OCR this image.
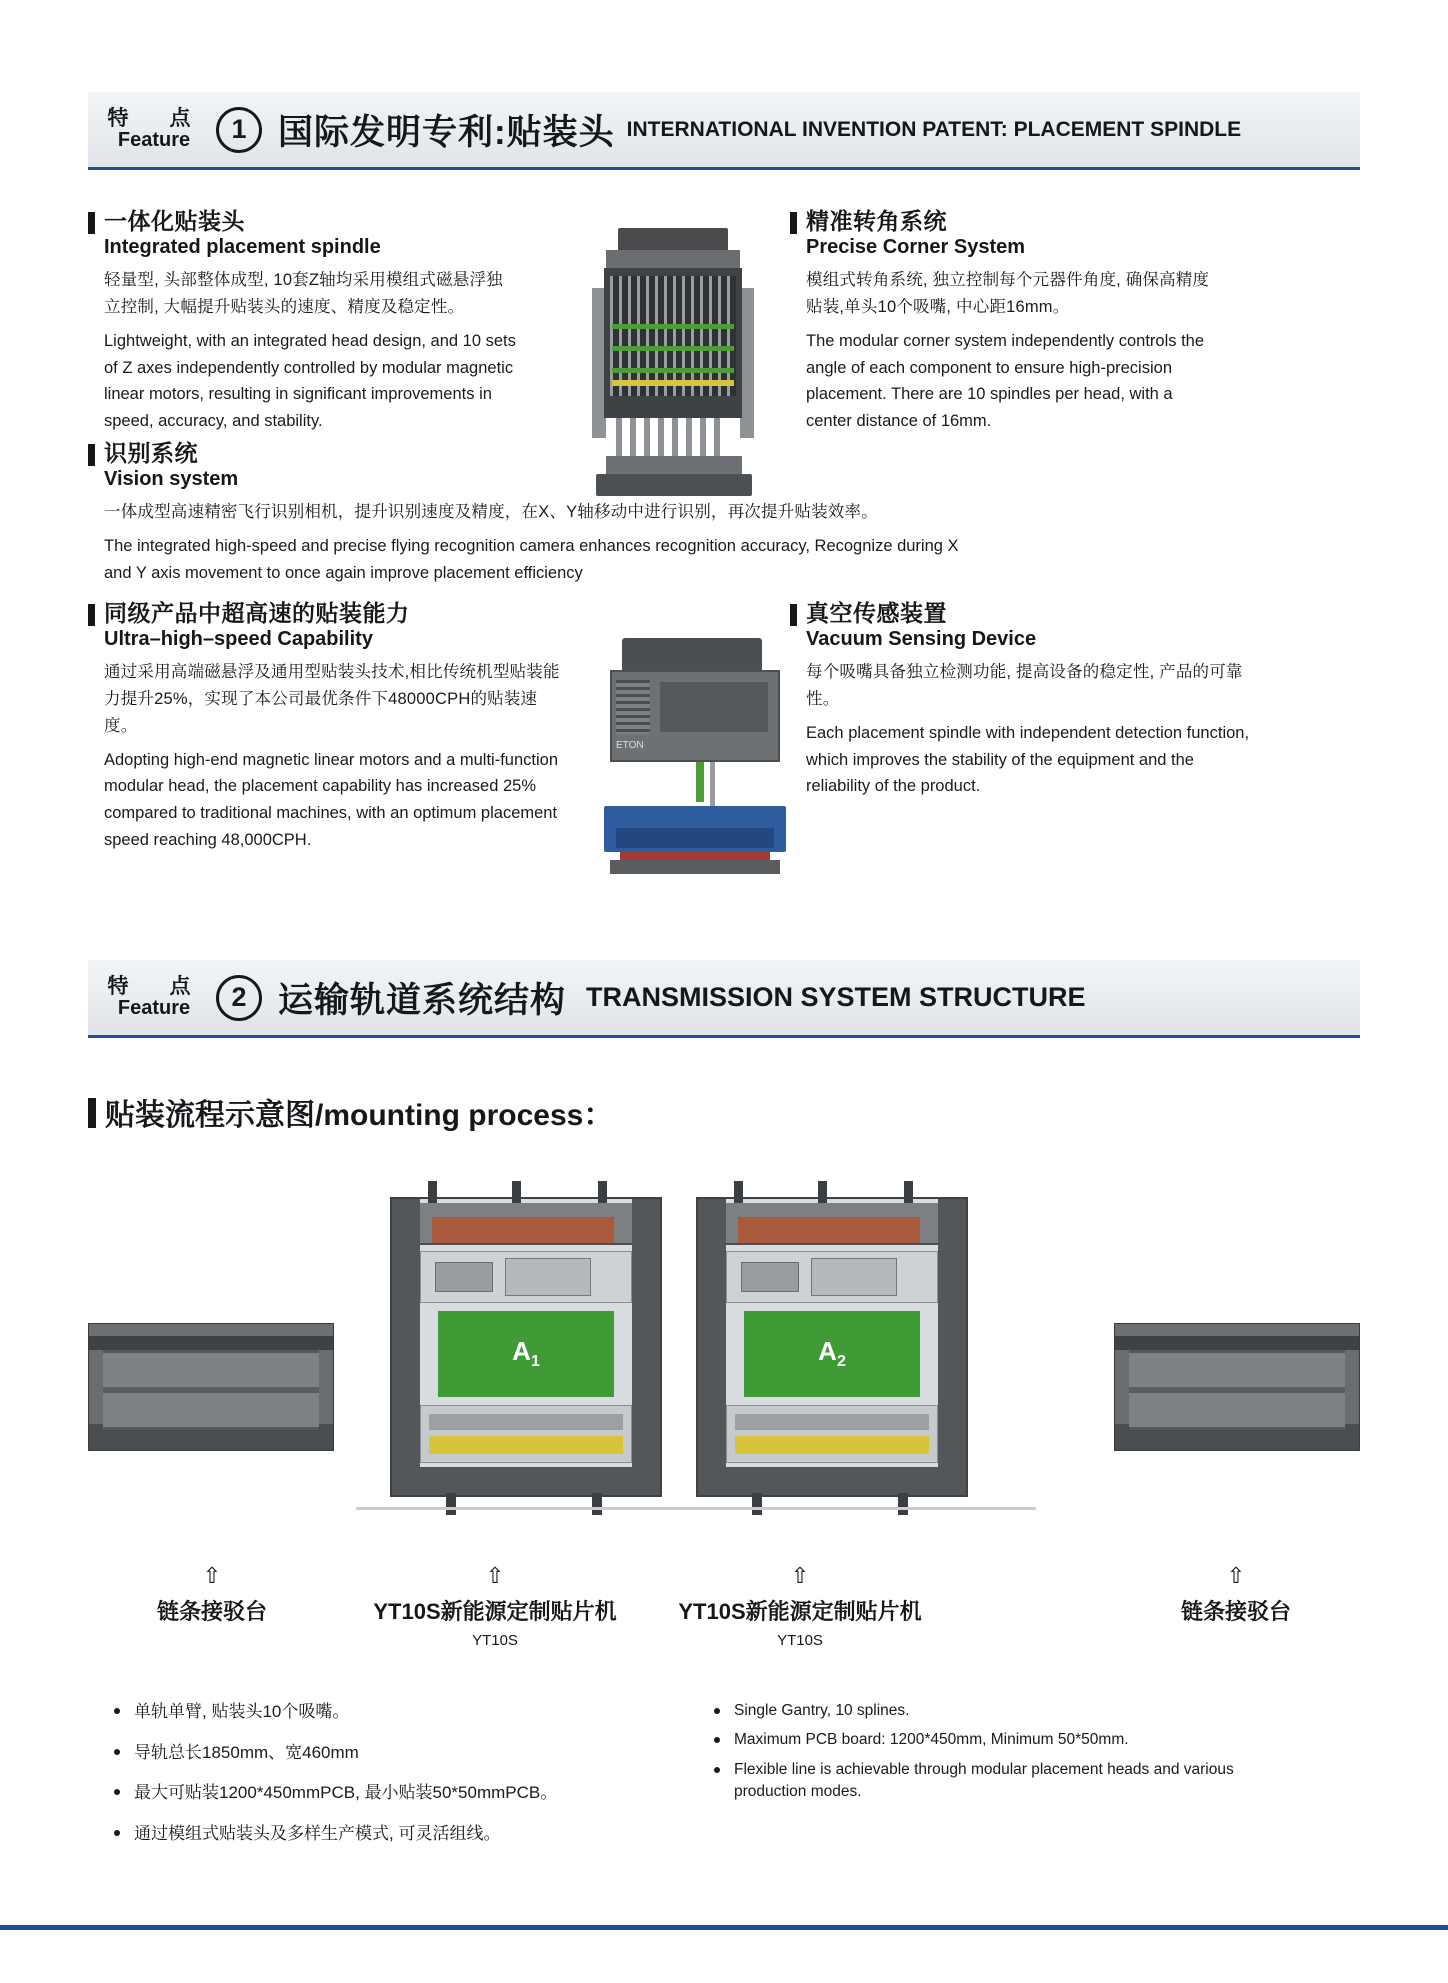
特　点
Feature	1 国际发明专利:贴装头 INTERNATIONAL INVENTION PATENT: PLACEMENT SPINDLE
一体化贴装头
Integrated placement spindle
轻量型, 头部整体成型, 10套Z轴均采用模组式磁悬浮独立控制, 大幅提升贴装头的速度、精度及稳定性。
Lightweight, with an integrated head design, and 10 sets of Z axes independently controlled by modular magnetic linear motors, resulting in significant improvements in speed, accuracy, and stability.
精准转角系统
Precise Corner System
模组式转角系统, 独立控制每个元器件角度, 确保高精度贴装,单头10个吸嘴, 中心距16mm。
The modular corner system independently controls the angle of each component to ensure high-precision placement. There are 10 spindles per head, with a center distance of 16mm.
识别系统
Vision system
一体成型高速精密飞行识别相机，提升识别速度及精度，在X、Y轴移动中进行识别，再次提升贴装效率。
The integrated high-speed and precise flying recognition camera enhances recognition accuracy, Recognize during X and Y axis movement to once again improve placement efficiency
同级产品中超高速的贴装能力
Ultra–high–speed Capability
通过采用高端磁悬浮及通用型贴装头技术,相比传统机型贴装能力提升25%，实现了本公司最优条件下48000CPH的贴装速度。
Adopting high-end magnetic linear motors and a multi-function modular head, the placement capability has increased 25% compared to traditional machines, with an optimum placement speed reaching 48,000CPH.
真空传感装置
Vacuum Sensing Device
每个吸嘴具备独立检测功能, 提高设备的稳定性, 产品的可靠性。
Each placement spindle with independent detection function, which improves the stability of the equipment and the reliability of the product.
ETON
特　点
Feature	2 运输轨道系统结构 TRANSMISSION SYSTEM STRUCTURE
贴装流程示意图/mounting process：
$A_1$	$A_2$
⇧
链条接驳台
⇧
YT10S新能源定制贴片机
YT10S
⇧
YT10S新能源定制贴片机
YT10S
⇧
链条接驳台
单轨单臂, 贴装头10个吸嘴。
导轨总长1850mm、宽460mm
最大可贴装1200*450mmPCB, 最小贴装50*50mmPCB。
通过模组式贴装头及多样生产模式, 可灵活组线。
Single Gantry, 10 splines.
Maximum PCB board: 1200*450mm, Minimum 50*50mm.
Flexible line is achievable through modular placement heads and various production modes.
